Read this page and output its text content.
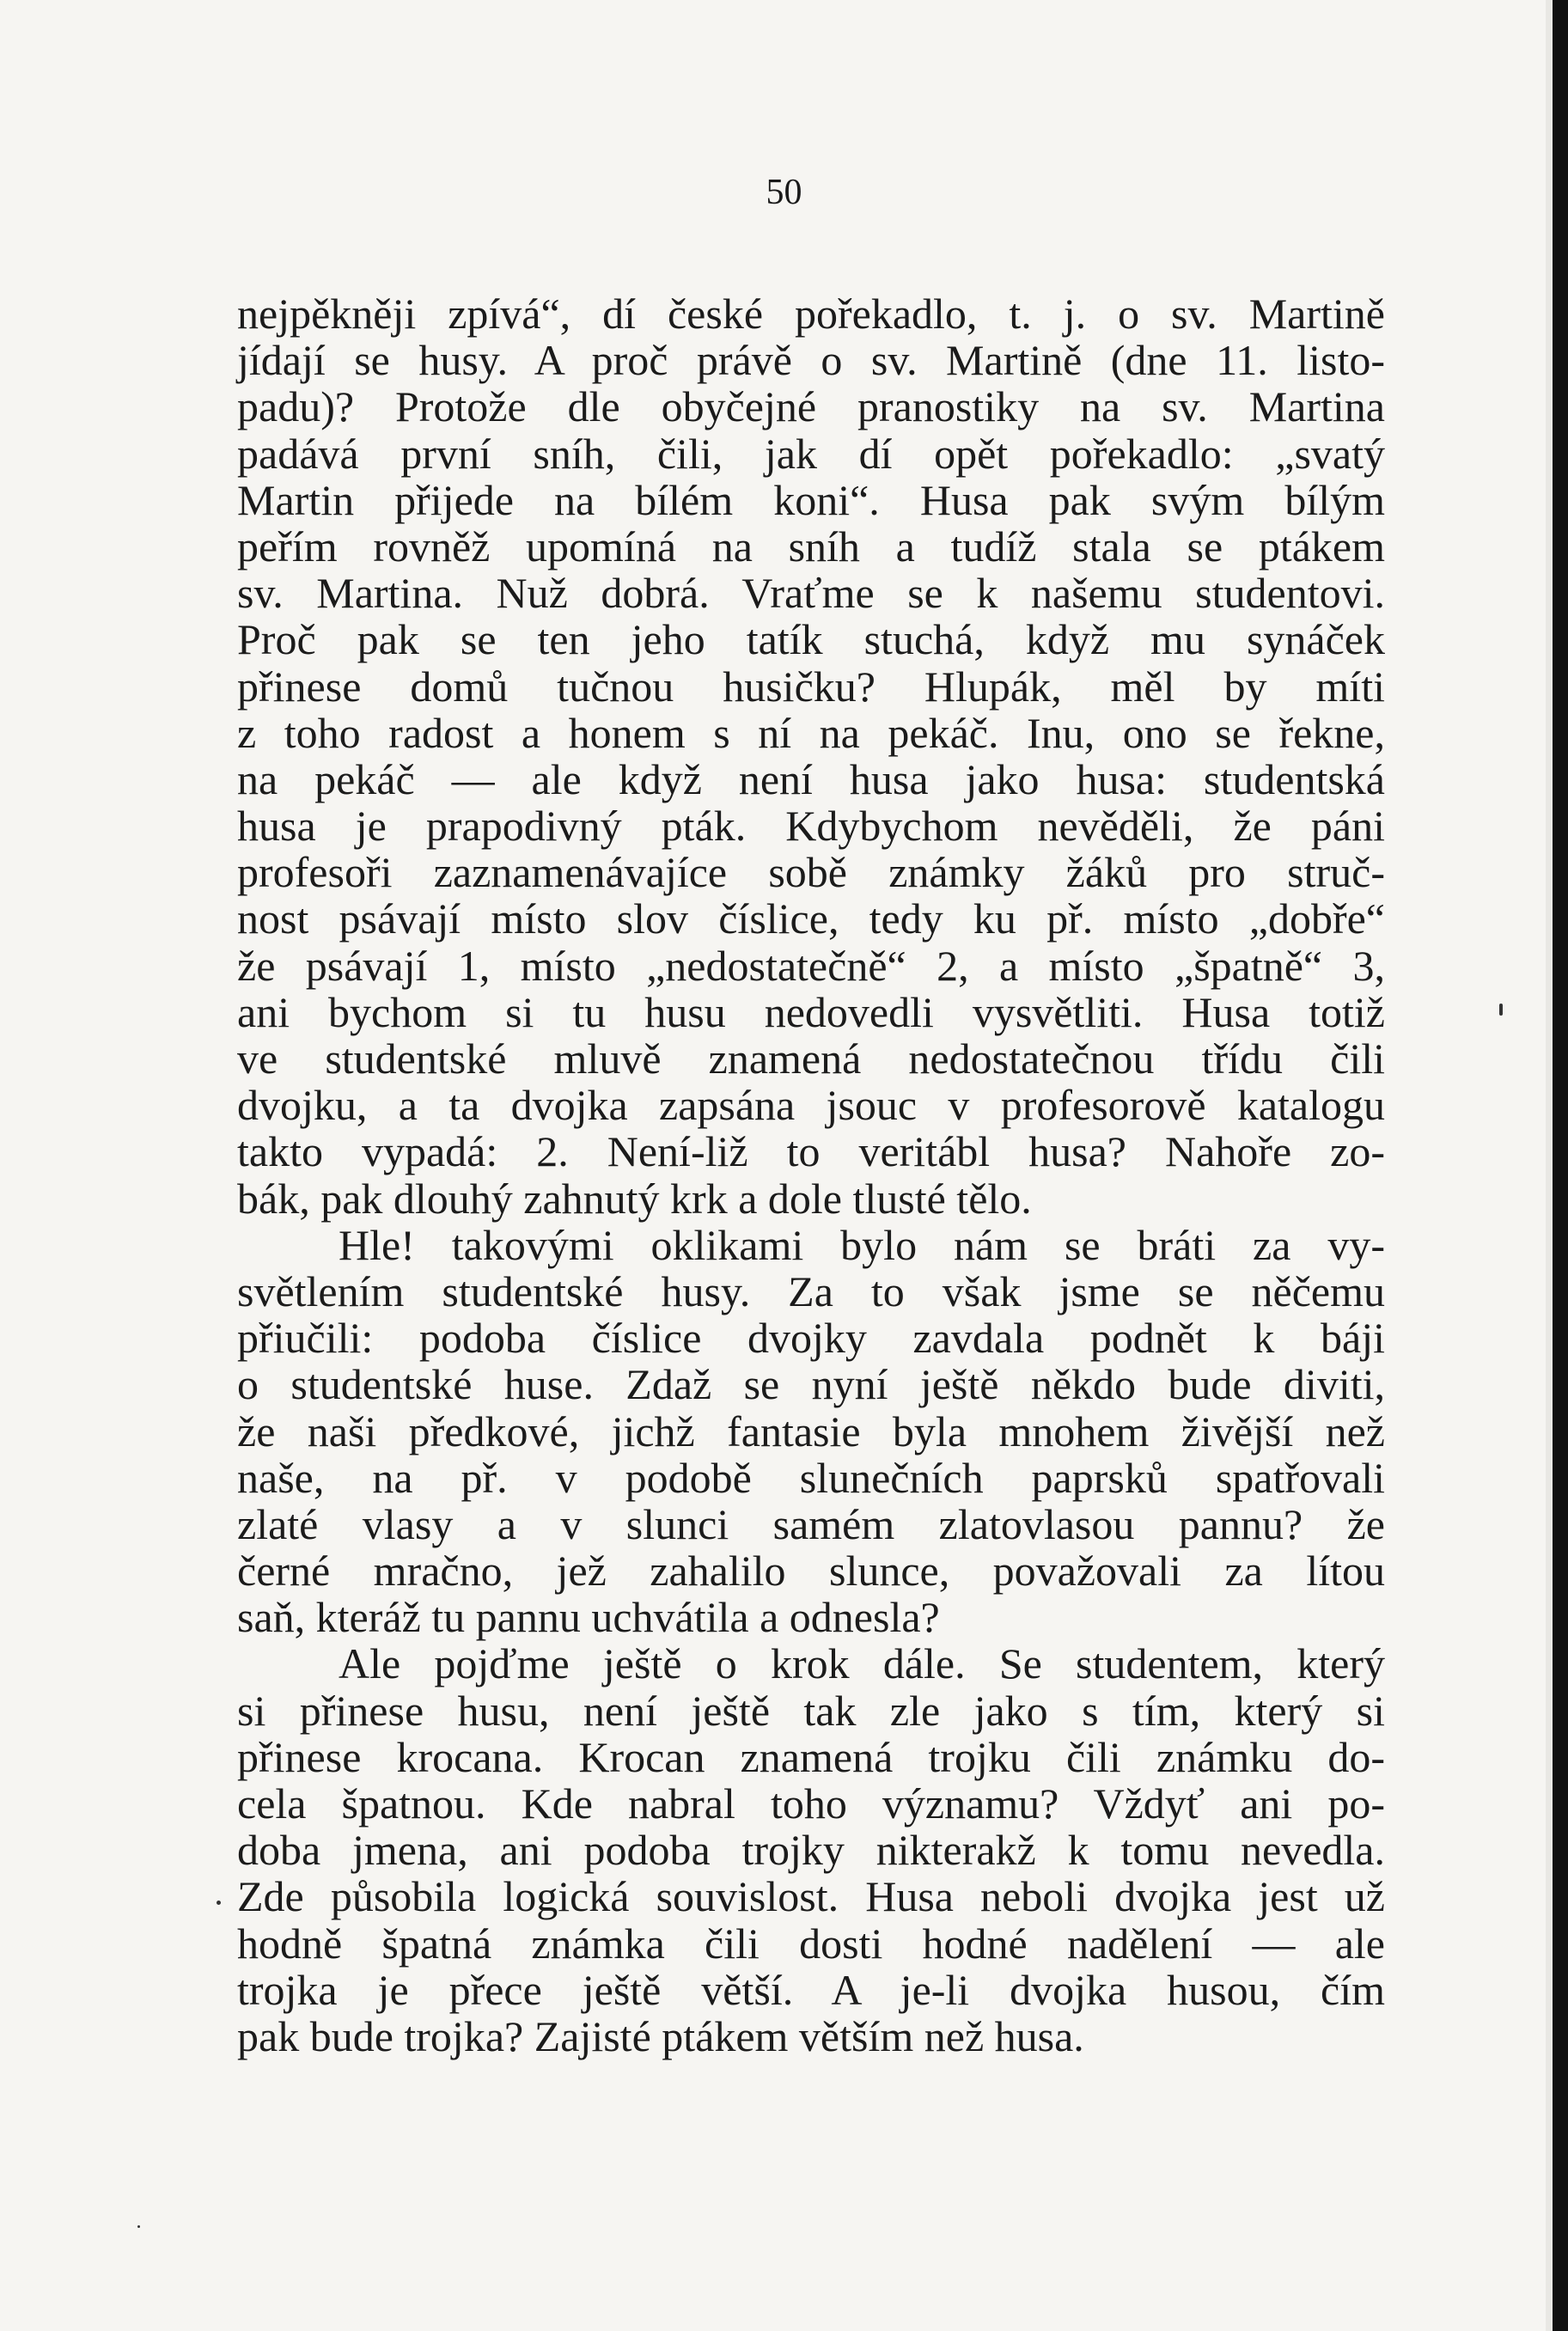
50
nejpěkněji zpívá“, dí české pořekadlo, t. j. o sv. Martině
jídají se husy. A proč právě o sv. Martině (dne 11. listo-
padu)? Protože dle obyčejné pranostiky na sv. Martina
padává první sníh, čili, jak dí opět pořekadlo: „svatý
Martin přijede na bílém koni“. Husa pak svým bílým
peřím rovněž upomíná na sníh a tudíž stala se ptákem
sv. Martina. Nuž dobrá. Vraťme se k našemu studentovi.
Proč pak se ten jeho tatík stuchá, když mu synáček
přinese domů tučnou husičku? Hlupák, měl by míti
z toho radost a honem s ní na pekáč. Inu, ono se řekne,
na pekáč — ale když není husa jako husa: studentská
husa je prapodivný pták. Kdybychom nevěděli, že páni
profesoři zaznamenávajíce sobě známky žáků pro struč-
nost psávají místo slov číslice, tedy ku př. místo „dobře“
že psávají 1, místo „nedostatečně“ 2, a místo „špatně“ 3,
ani bychom si tu husu nedovedli vysvětliti. Husa totiž
ve studentské mluvě znamená nedostatečnou třídu čili
dvojku, a ta dvojka zapsána jsouc v profesorově katalogu
takto vypadá: 2. Není-liž to veritábl husa? Nahoře zo-
bák, pak dlouhý zahnutý krk a dole tlusté tělo.
Hle! takovými oklikami bylo nám se bráti za vy-
světlením studentské husy. Za to však jsme se něčemu
přiučili: podoba číslice dvojky zavdala podnět k báji
o studentské huse. Zdaž se nyní ještě někdo bude diviti,
že naši předkové, jichž fantasie byla mnohem živější než
naše, na př. v podobě slunečních paprsků spatřovali
zlaté vlasy a v slunci samém zlatovlasou pannu? že
černé mračno, jež zahalilo slunce, považovali za lítou
saň, kteráž tu pannu uchvátila a odnesla?
Ale pojďme ještě o krok dále. Se studentem, který
si přinese husu, není ještě tak zle jako s tím, který si
přinese krocana. Krocan znamená trojku čili známku do-
cela špatnou. Kde nabral toho významu? Vždyť ani po-
doba jmena, ani podoba trojky nikterakž k tomu nevedla.
Zde působila logická souvislost. Husa neboli dvojka jest už
hodně špatná známka čili dosti hodné nadělení — ale
trojka je přece ještě větší. A je-li dvojka husou, čím
pak bude trojka? Zajisté ptákem větším než husa.
